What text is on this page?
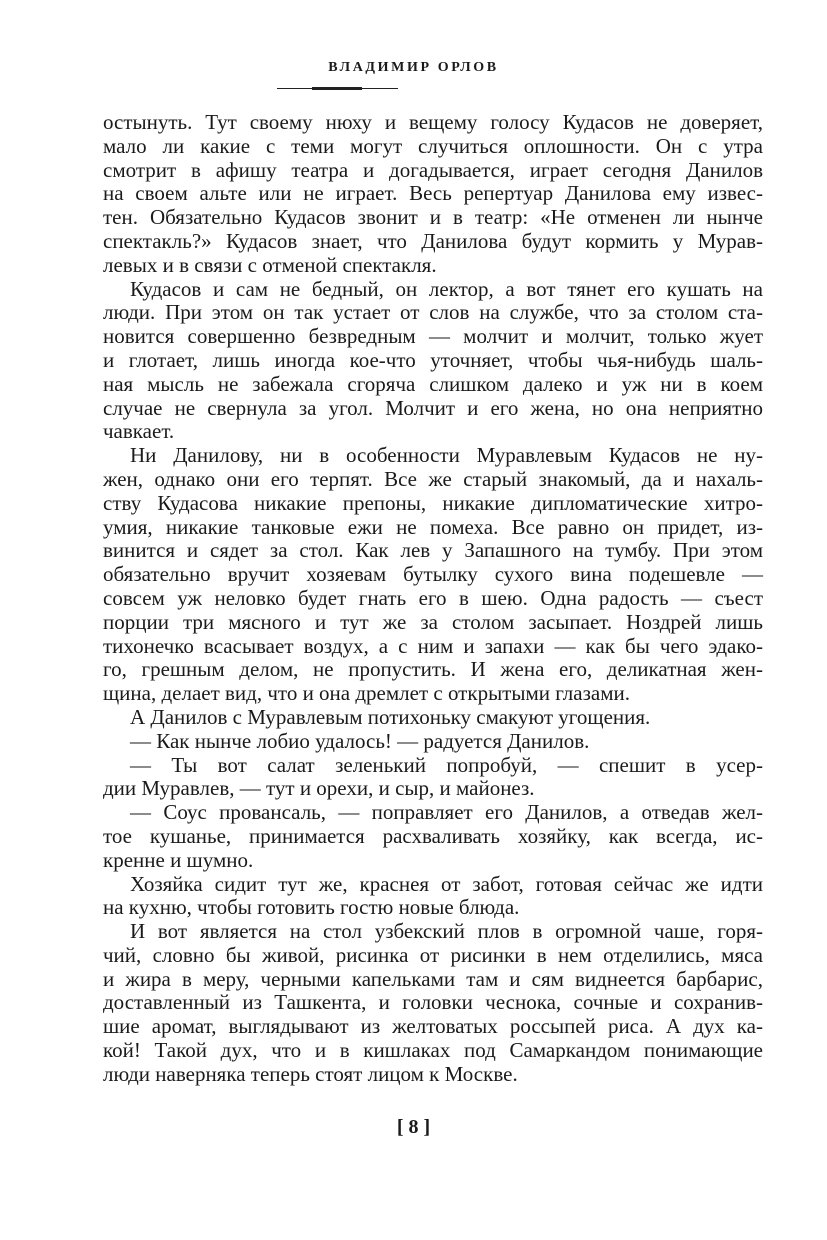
ВЛАДИМИР ОРЛОВ
остынуть. Тут своему нюху и вещему голосу Кудасов не доверяет,
мало ли какие с теми могут случиться оплошности. Он с утра
смотрит в афишу театра и догадывается, играет сегодня Данилов
на своем альте или не играет. Весь репертуар Данилова ему извес-
тен. Обязательно Кудасов звонит и в театр: «Не отменен ли нынче
спектакль?» Кудасов знает, что Данилова будут кормить у Мурав-
левых и в связи с отменой спектакля.
Кудасов и сам не бедный, он лектор, а вот тянет его кушать на
люди. При этом он так устает от слов на службе, что за столом ста-
новится совершенно безвредным — молчит и молчит, только жует
и глотает, лишь иногда кое-что уточняет, чтобы чья-нибудь шаль-
ная мысль не забежала сгоряча слишком далеко и уж ни в коем
случае не свернула за угол. Молчит и его жена, но она неприятно
чавкает.
Ни Данилову, ни в особенности Муравлевым Кудасов не ну-
жен, однако они его терпят. Все же старый знакомый, да и нахаль-
ству Кудасова никакие препоны, никакие дипломатические хитро-
умия, никакие танковые ежи не помеха. Все равно он придет, из-
винится и сядет за стол. Как лев у Запашного на тумбу. При этом
обязательно вручит хозяевам бутылку сухого вина подешевле —
совсем уж неловко будет гнать его в шею. Одна радость — съест
порции три мясного и тут же за столом засыпает. Ноздрей лишь
тихонечко всасывает воздух, а с ним и запахи — как бы чего эдако-
го, грешным делом, не пропустить. И жена его, деликатная жен-
щина, делает вид, что и она дремлет с открытыми глазами.
А Данилов с Муравлевым потихоньку смакуют угощения.
— Как нынче лобио удалось! — радуется Данилов.
— Ты вот салат зеленький попробуй, — спешит в усер-
дии Муравлев, — тут и орехи, и сыр, и майонез.
— Соус провансаль, — поправляет его Данилов, а отведав жел-
тое кушанье, принимается расхваливать хозяйку, как всегда, ис-
кренне и шумно.
Хозяйка сидит тут же, краснея от забот, готовая сейчас же идти
на кухню, чтобы готовить гостю новые блюда.
И вот является на стол узбекский плов в огромной чаше, горя-
чий, словно бы живой, рисинка от рисинки в нем отделились, мяса
и жира в меру, черными капельками там и сям виднеется барбарис,
доставленный из Ташкента, и головки чеснока, сочные и сохранив-
шие аромат, выглядывают из желтоватых россыпей риса. А дух ка-
кой! Такой дух, что и в кишлаках под Самаркандом понимающие
люди наверняка теперь стоят лицом к Москве.
[ 8 ]
